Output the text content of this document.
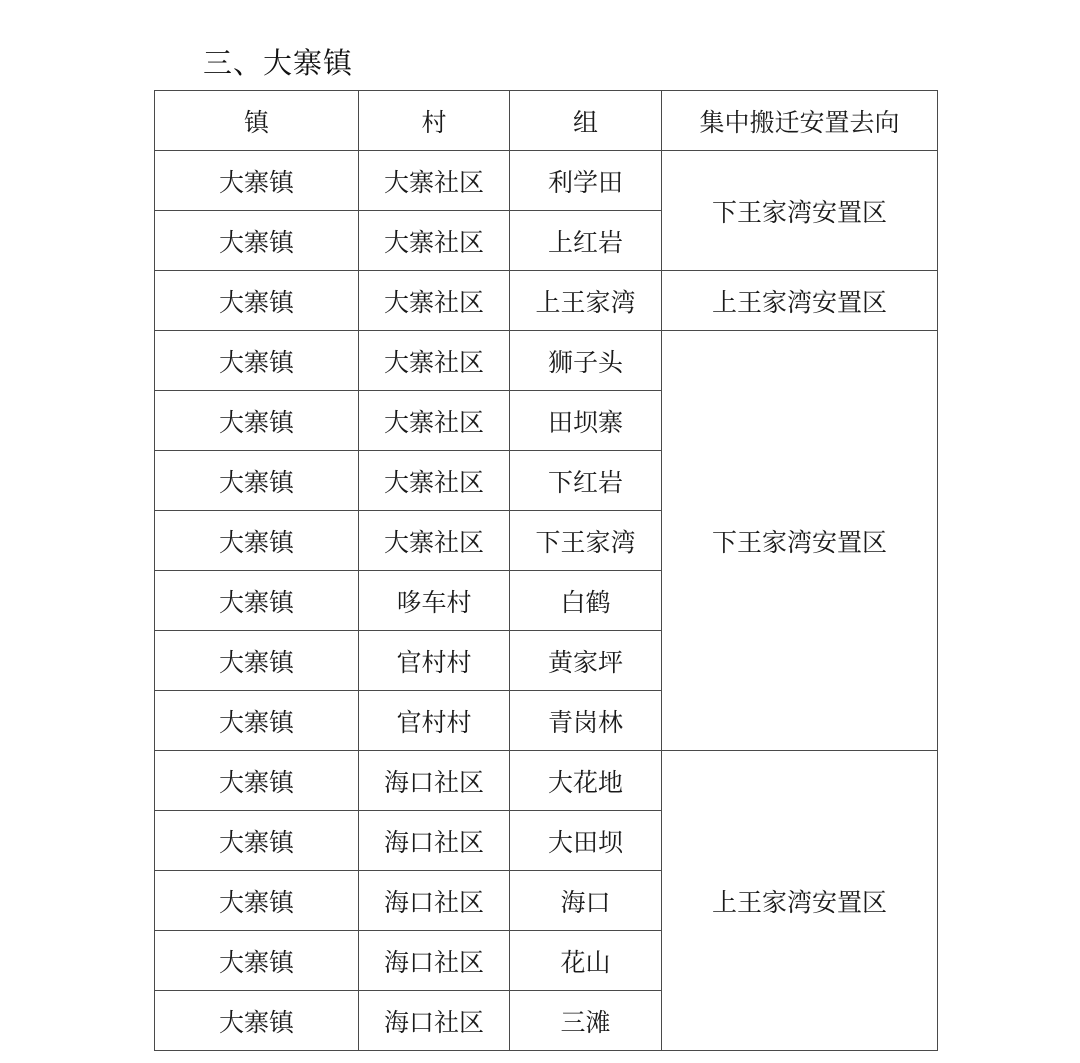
三、大寨镇
镇	村	组	集中搬迁安置去向
大寨镇	大寨社区	利学田	下王家湾安置区
大寨镇	大寨社区	上红岩	
大寨镇	大寨社区	上王家湾	上王家湾安置区
大寨镇	大寨社区	狮子头	下王家湾安置区
大寨镇	大寨社区	田坝寨	
大寨镇	大寨社区	下红岩	
大寨镇	大寨社区	下王家湾	
大寨镇	哆车村	白鹤	
大寨镇	官村村	黄家坪	
大寨镇	官村村	青岗林	
大寨镇	海口社区	大花地	上王家湾安置区
大寨镇	海口社区	大田坝	
大寨镇	海口社区	海口	
大寨镇	海口社区	花山	
大寨镇	海口社区	三滩	
